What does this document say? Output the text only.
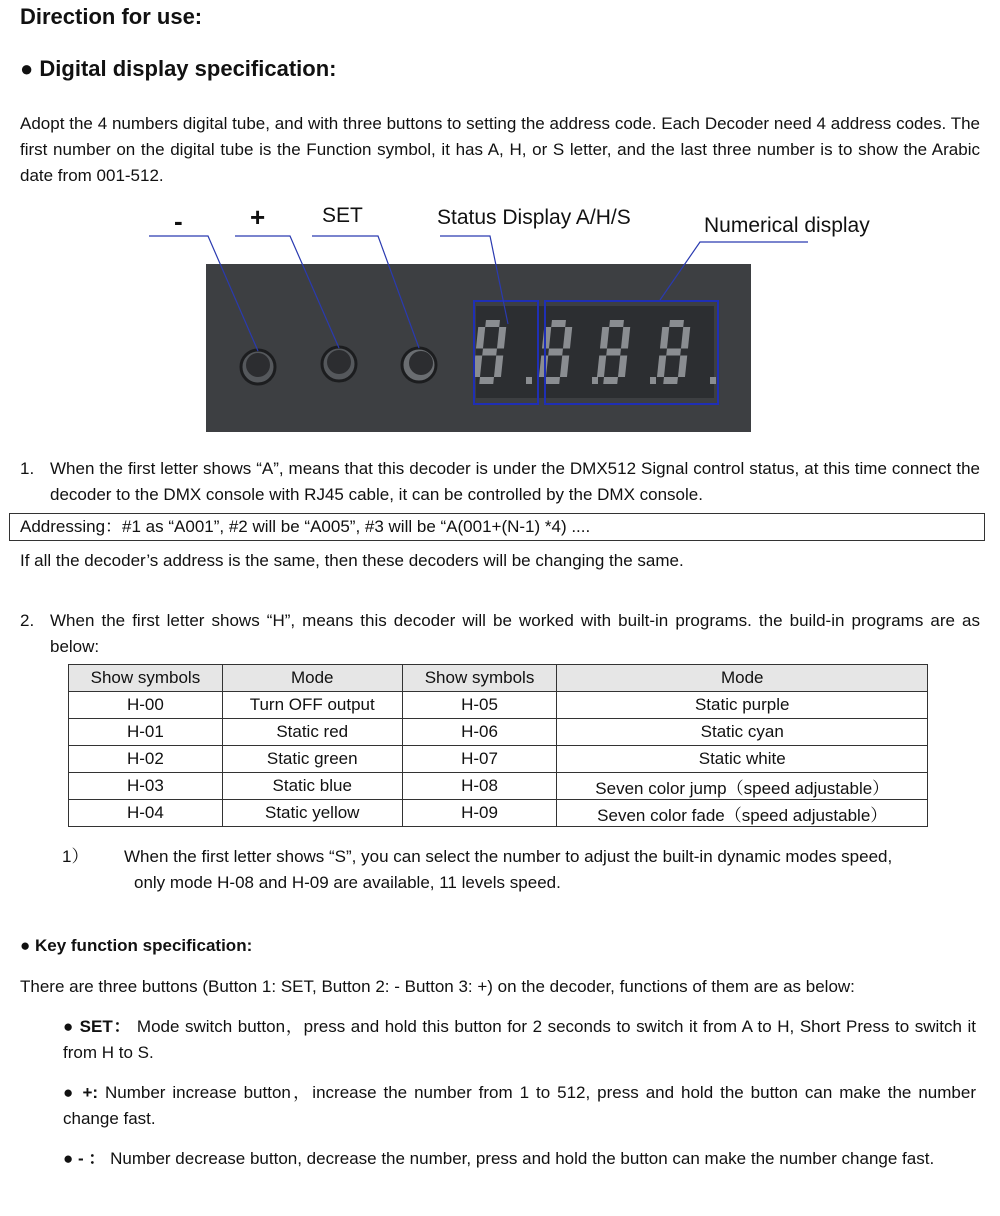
Direction for use:
● Digital display specification:
Adopt the 4 numbers digital tube, and with three buttons to setting the address code. Each Decoder need 4 address codes. The first number on the digital tube is the Function symbol, it has A, H, or S letter, and the last three number is to show the Arabic date from 001-512.
-	+	SET	Status Display A/H/S	Numerical display
1. When the first letter shows “A”, means that this decoder is under the DMX512 Signal control status, at this time connect the decoder to the DMX console with RJ45 cable, it can be controlled by the DMX console.
Addressing：#1 as “A001”, #2 will be “A005”, #3 will be “A(001+(N-1) *4) ....
If all the decoder’s address is the same, then these decoders will be changing the same.
2. When the first letter shows “H”, means this decoder will be worked with built-in programs. the build-in programs are as below:
Show symbols	Mode	Show symbols	Mode
H-00	Turn OFF output	H-05	Static purple
H-01	Static red	H-06	Static cyan
H-02	Static green	H-07	Static white
H-03	Static blue	H-08	Seven color jump（speed adjustable）
H-04	Static yellow	H-09	Seven color fade（speed adjustable）
1） When the first letter shows “S”, you can select the number to adjust the built-in dynamic modes speed,
only mode H-08 and H-09 are available, 11 levels speed.
● Key function specification:
There are three buttons (Button 1: SET, Button 2: - Button 3: +) on the decoder, functions of them are as below:
● SET： Mode switch button，press and hold this button for 2 seconds to switch it from A to H, Short Press to switch it from H to S.
● +: Number increase button，increase the number from 1 to 512, press and hold the button can make the number change fast.
● - ： Number decrease button, decrease the number, press and hold the button can make the number change fast.
